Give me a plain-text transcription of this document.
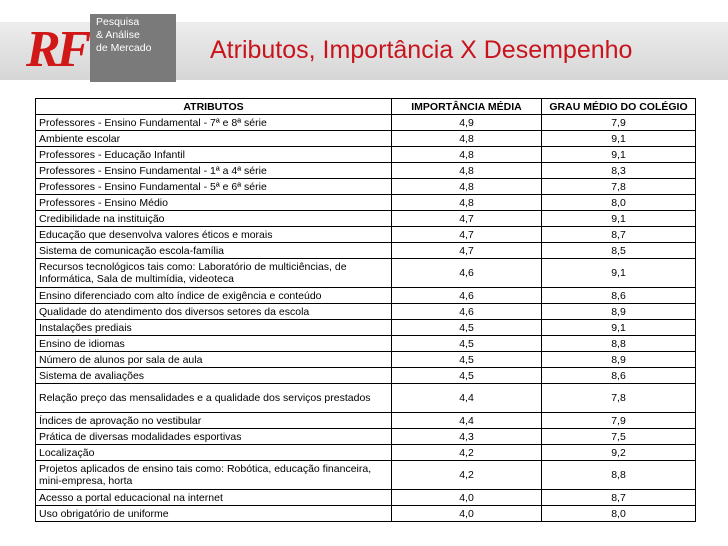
RF Pesquisa
& Análise
de Mercado	Atributos, Importância X Desempenho
ATRIBUTOS	IMPORTÂNCIA MÉDIA	GRAU MÉDIO DO COLÉGIO
Professores - Ensino Fundamental - 7ª e 8ª série	4,9	7,9
Ambiente escolar	4,8	9,1
Professores - Educação Infantil	4,8	9,1
Professores - Ensino Fundamental - 1ª a 4ª série	4,8	8,3
Professores - Ensino Fundamental - 5ª e 6ª série	4,8	7,8
Professores - Ensino Médio	4,8	8,0
Credibilidade na instituição	4,7	9,1
Educação que desenvolva valores éticos e morais	4,7	8,7
Sistema de comunicação escola-família	4,7	8,5
Recursos tecnológicos tais como: Laboratório de multiciências, de Informática, Sala de multimídia, videoteca	4,6	9,1
Ensino diferenciado com alto índice de exigência e conteúdo	4,6	8,6
Qualidade do atendimento dos diversos setores da escola	4,6	8,9
Instalações prediais	4,5	9,1
Ensino de idiomas	4,5	8,8
Número de alunos por sala de aula	4,5	8,9
Sistema de avaliações	4,5	8,6
Relação preço das mensalidades e a qualidade dos serviços prestados	4,4	7,8
Índices de aprovação no vestibular	4,4	7,9
Prática de diversas modalidades esportivas	4,3	7,5
Localização	4,2	9,2
Projetos aplicados de ensino tais como: Robótica, educação financeira, mini-empresa, horta	4,2	8,8
Acesso a portal educacional na internet	4,0	8,7
Uso obrigatório de uniforme	4,0	8,0
